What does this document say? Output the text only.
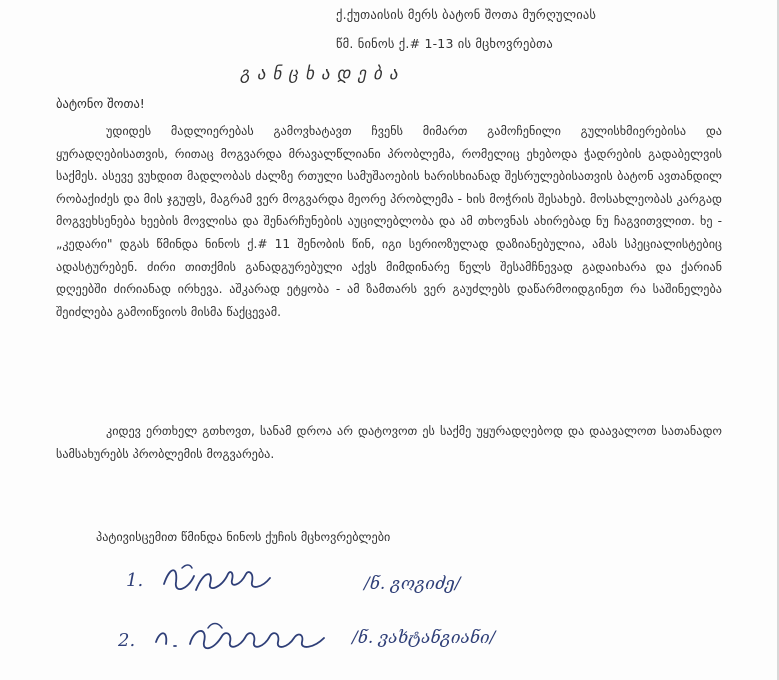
ქ.ქუთაისის მერს ბატონ შოთა მურღულიას
წმ. ნინოს ქ.# 1-13 ის მცხოვრებთა
განცხადება
ბატონო შოთა!
უდიდეს მადლიერებას გამოვხატავთ ჩვენს მიმართ გამოჩენილი გულისხმიერებისა და ყურადღებისათვის, რითაც მოგვარდა მრავალწლიანი პრობლემა, რომელიც ეხებოდა ჭადრების გადაბელვის საქმეს. ასევე ვუხდით მადლობას ძალზე რთული სამუშაოების ხარისხიანად შესრულებისათვის ბატონ ავთანდილ რობაქიძეს და მის ჯგუფს, მაგრამ ვერ მოგვარდა მეორე პრობლემა - ხის მოჭრის შესახებ. მოსახლეობას კარგად მოგვეხსენება ხეების მოვლისა და შენარჩუნების აუცილებლობა და ამ თხოვნას ახირებად ნუ ჩაგვითვლით. ხე -„კედარი" დგას წმინდა ნინოს ქ.# 11 შენობის წინ, იგი სერიოზულად დაზიანებულია, ამას სპეციალისტებიც ადასტურებენ. ძირი თითქმის განადგურებული აქვს მიმდინარე წელს შესამჩნევად გადაიხარა და ქარიან დღეებში ძირიანად ირხევა. აშკარად ეტყობა - ამ ზამთარს ვერ გაუძლებს დაწარმოიდგინეთ რა საშინელება შეიძლება გამოიწვიოს მისმა წაქცევამ.
კიდევ ერთხელ გთხოვთ, სანამ დროა არ დატოვოთ ეს საქმე უყურადღებოდ და დაავალოთ სათანადო სამსახურებს პრობლემის მოგვარება.
პატივისცემით წმინდა ნინოს ქუჩის მცხოვრებლები
1.	/ნ. გოგიძე/
2.	/ნ. ვახტანგიანი/
